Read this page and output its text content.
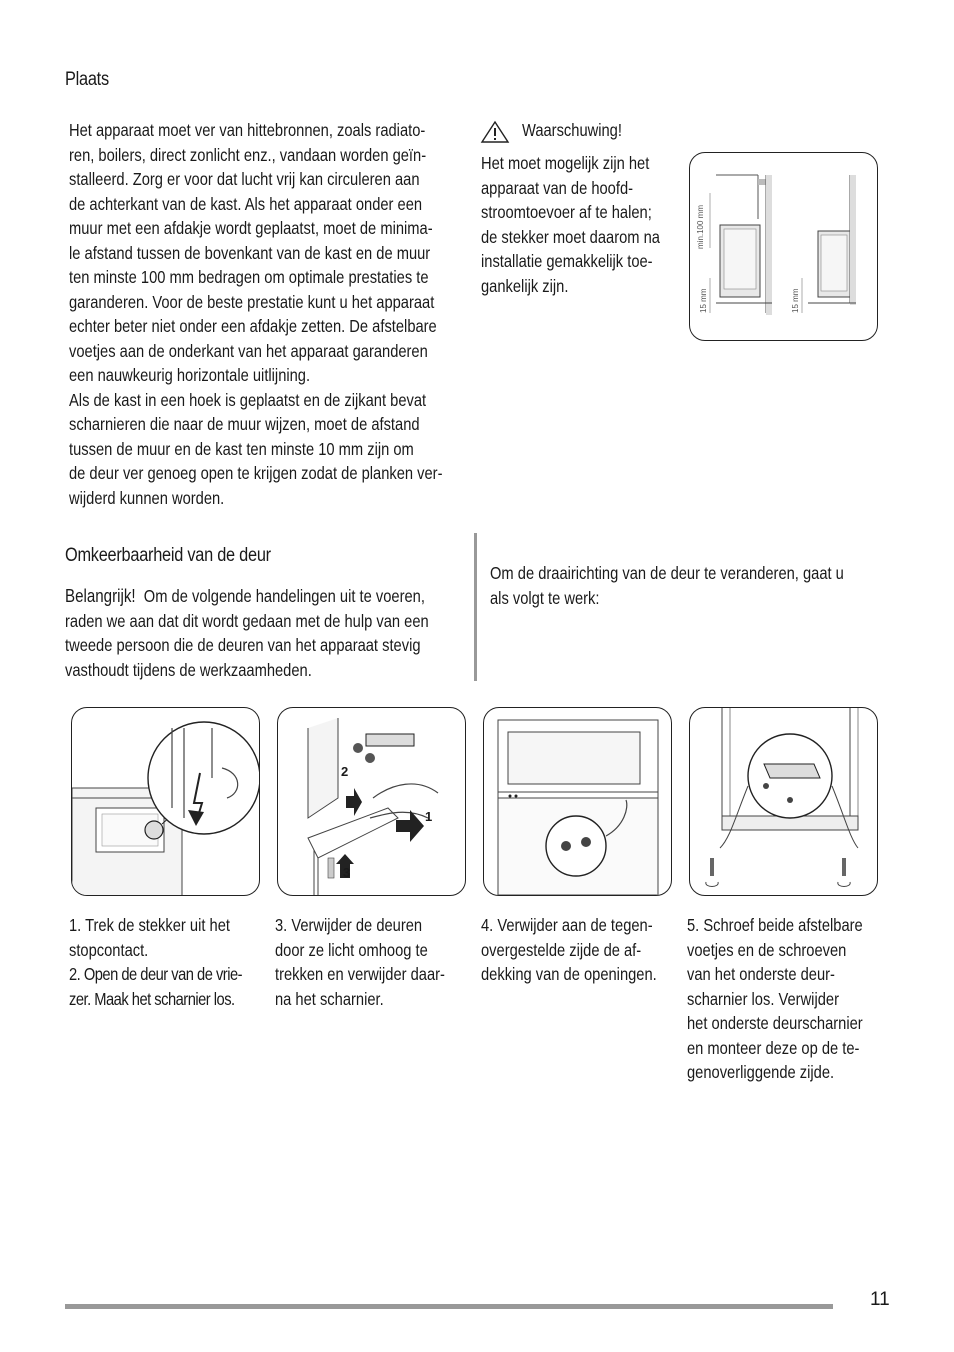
Plaats

Het apparaat moet ver van hittebronnen, zoals radiato-

ren, boilers, direct zonlicht enz., vandaan worden geïn-

stalleerd. Zorg er voor dat lucht vrij kan circuleren aan

de achterkant van de kast. Als het apparaat onder een

muur met een afdakje wordt geplaatst, moet de minima-

le afstand tussen de bovenkant van de kast en de muur

ten minste 100 mm bedragen om optimale prestaties te

garanderen. Voor de beste prestatie kunt u het apparaat

echter beter niet onder een afdakje zetten. De afstelbare

voetjes aan de onderkant van het apparaat garanderen

een nauwkeurig horizontale uitlijning.

Als de kast in een hoek is geplaatst en de zijkant bevat

scharnieren die naar de muur wijzen, moet de afstand

tussen de muur en de kast ten minste 10 mm zijn om

de deur ver genoeg open te krijgen zodat de planken ver-

wijderd kunnen worden.

Waarschuwing!

Het moet mogelijk zijn het

apparaat van de hoofd-

stroomtoevoer af te halen;

de stekker moet daarom na

installatie gemakkelijk toe-

gankelijk zijn.

min.100 mm
15 mm	15 mm
Omkeerbaarheid van de deur

Belangrijk! Om de volgende handelingen uit te voeren,

raden we aan dat dit wordt gedaan met de hulp van een

tweede persoon die de deuren van het apparaat stevig

vasthoudt tijdens de werkzaamheden.

Om de draairichting van de deur te veranderen, gaat u

als volgt te werk:

2
1
3

1. Trek de stekker uit het

stopcontact.

2. Open de deur van de vrie-

zer. Maak het scharnier los.

3. Verwijder de deuren

door ze licht omhoog te

trekken en verwijder daar-

na het scharnier.

4. Verwijder aan de tegen-

overgestelde zijde de af-

dekking van de openingen.

5. Schroef beide afstelbare

voetjes en de schroeven

van het onderste deur-

scharnier los. Verwijder

het onderste deurscharnier

en monteer deze op de te-

genoverliggende zijde.

11
